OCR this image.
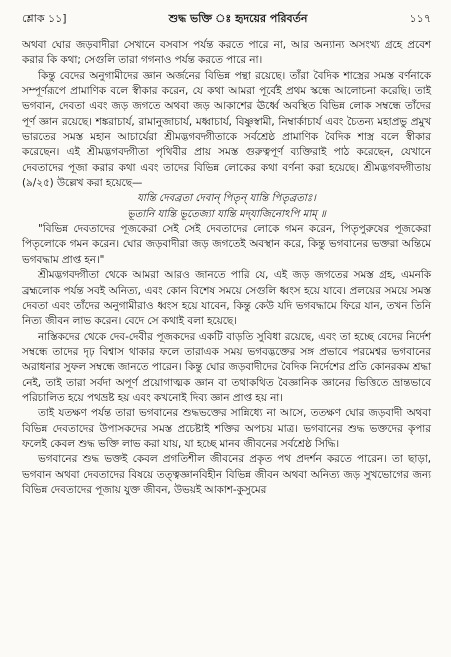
শ্লোক ১১]	শুদ্ধ ভক্তি ঃ হৃদয়ের পরিবর্তন	১১৭

অথবা ঘোর জড়বাদীরা সেখানে বসবাস পর্যন্ত করতে পারে না, আর অন্যান্য অসংখ্য গ্রহে প্রবেশ করার কি কথা; সেগুলি তারা গগনাও পর্যন্ত করতে পারে না।

কিন্তু বেদের অনুগামীদের জ্ঞান অর্জনের বিভিন্ন পন্থা রয়েছে। তাঁরা বৈদিক শাস্ত্রের সমস্ত বর্ণনাকে সম্পূর্ণরূপে প্রামাণিক বলে স্বীকার করেন, যে কথা আমরা পূর্বেই প্রথম স্কন্ধে আলোচনা করেছি। তাই ভগবান, দেবতা এবং জড় জগতে অথবা জড় আকাশের ঊর্ধ্বে অবস্থিত বিভিন্ন লোক সম্বন্ধে তাঁদের পূর্ণ জ্ঞান রয়েছে। শঙ্করাচার্য, রামানুজাচার্য, মধ্বাচার্য, বিষ্ণুস্বামী, নিম্বার্কাচার্য এবং চৈতন্য মহাপ্রভু প্রমুখ ভারতের সমস্ত মহান আচার্যেরা শ্রীমদ্ভগবদ্গীতাকে সর্বশ্রেষ্ঠ প্রামাণিক বৈদিক শাস্ত্র বলে স্বীকার করেছেন। এই শ্রীমদ্ভগবদ্গীতা পৃথিবীর প্রায় সমস্ত গুরুত্বপূর্ণ ব্যক্তিরাই পাঠ করেছেন, যেখানে দেবতাদের পূজা করার কথা এবং তাদের বিভিন্ন লোকের কথা বর্ণনা করা হয়েছে। শ্রীমদ্ভগবদ্গীতায় (৯/২৫) উল্লেখ করা হয়েছে—

যান্তি দেবব্রতা দেবান্ পিতৃন্ যান্তি পিতৃব্রতাঃ।
ভূতানি যান্তি ভূতেজ্যা যান্তি মদ্‌যাজিনোঽপি মাম্ ॥

"বিভিন্ন দেবতাদের পূজকেরা সেই সেই দেবতাদের লোকে গমন করেন, পিতৃপুরুষের পূজকেরা পিতৃলোকে গমন করেন। ঘোর জড়বাদীরা জড় জগতেই অবস্থান করে, কিন্তু ভগবানের ভক্তরা অন্তিমে ভগবদ্ধাম প্রাপ্ত হন।"

শ্রীমদ্ভগবদ্গীতা থেকে আমরা আরও জানতে পারি যে, এই জড় জগতের সমস্ত গ্রহ, এমনকি ব্রহ্মলোক পর্যন্ত সবই অনিত্য, এবং কোন বিশেষ সময়ে সেগুলি ধ্বংস হয়ে যাবে। প্রলয়ের সময়ে সমস্ত দেবতা এবং তাঁদের অনুগামীরাও ধ্বংস হয়ে যাবেন, কিন্তু কেউ যদি ভগবদ্ধামে ফিরে যান, তখন তিনি নিত্য জীবন লাভ করেন। বেদে সে কথাই বলা হয়েছে।

নাস্তিকদের থেকে দেব-দেবীর পূজকদের একটি বাড়তি সুবিধা রয়েছে, এবং তা হচ্ছে বেদের নির্দেশ সম্বন্ধে তাদের দৃঢ় বিশ্বাস থাকার ফলে তারাএক সময় ভগবদ্ভক্তের সঙ্গ প্রভাবে পরমেশ্বর ভগবানের অরাধনার সুফল সম্বন্ধে জানতে পারেন। কিন্তু ঘোর জড়বাদীদের বৈদিক নির্দেশের প্রতি কোনরকম শ্রদ্ধা নেই, তাই তারা সর্বদা অপূর্ণ প্রয়োগাত্মক জ্ঞান বা তথাকথিত বৈজ্ঞানিক জ্ঞানের ভিত্তিতে ভ্রান্তভাবে পরিচালিত হয়ে পথভ্রষ্ট হয় এবং কখনোই দিব্য জ্ঞান প্রাপ্ত হয় না।

তাই যতক্ষণ পর্যন্ত তারা ভগবানের শুদ্ধভক্তের সান্নিধ্যে না আসে, ততক্ষণ ঘোর জড়বাদী অথবা বিভিন্ন দেবতাদের উপাসকদের সমস্ত প্রচেষ্টাই শক্তির অপচয় মাত্র। ভগবানের শুদ্ধ ভক্তদের কৃপার ফলেই কেবল শুদ্ধ ভক্তি লাভ করা যায়, যা হচ্ছে মানব জীবনের সর্বশ্রেষ্ঠ সিদ্ধি।

ভগবানের শুদ্ধ ভক্তই কেবল প্রগতিশীল জীবনের প্রকৃত পথ প্রদর্শন করতে পারেন। তা ছাড়া, ভগবান অথবা দেবতাদের বিষয়ে তত্ত্বজ্ঞানবিহীন বিভিন্ন জীবন অথবা অনিত্য জড় সুখভোগের জন্য বিভিন্ন দেবতাদের পূজায় যুক্ত জীবন, উভয়ই আকাশ-কুসুমের
